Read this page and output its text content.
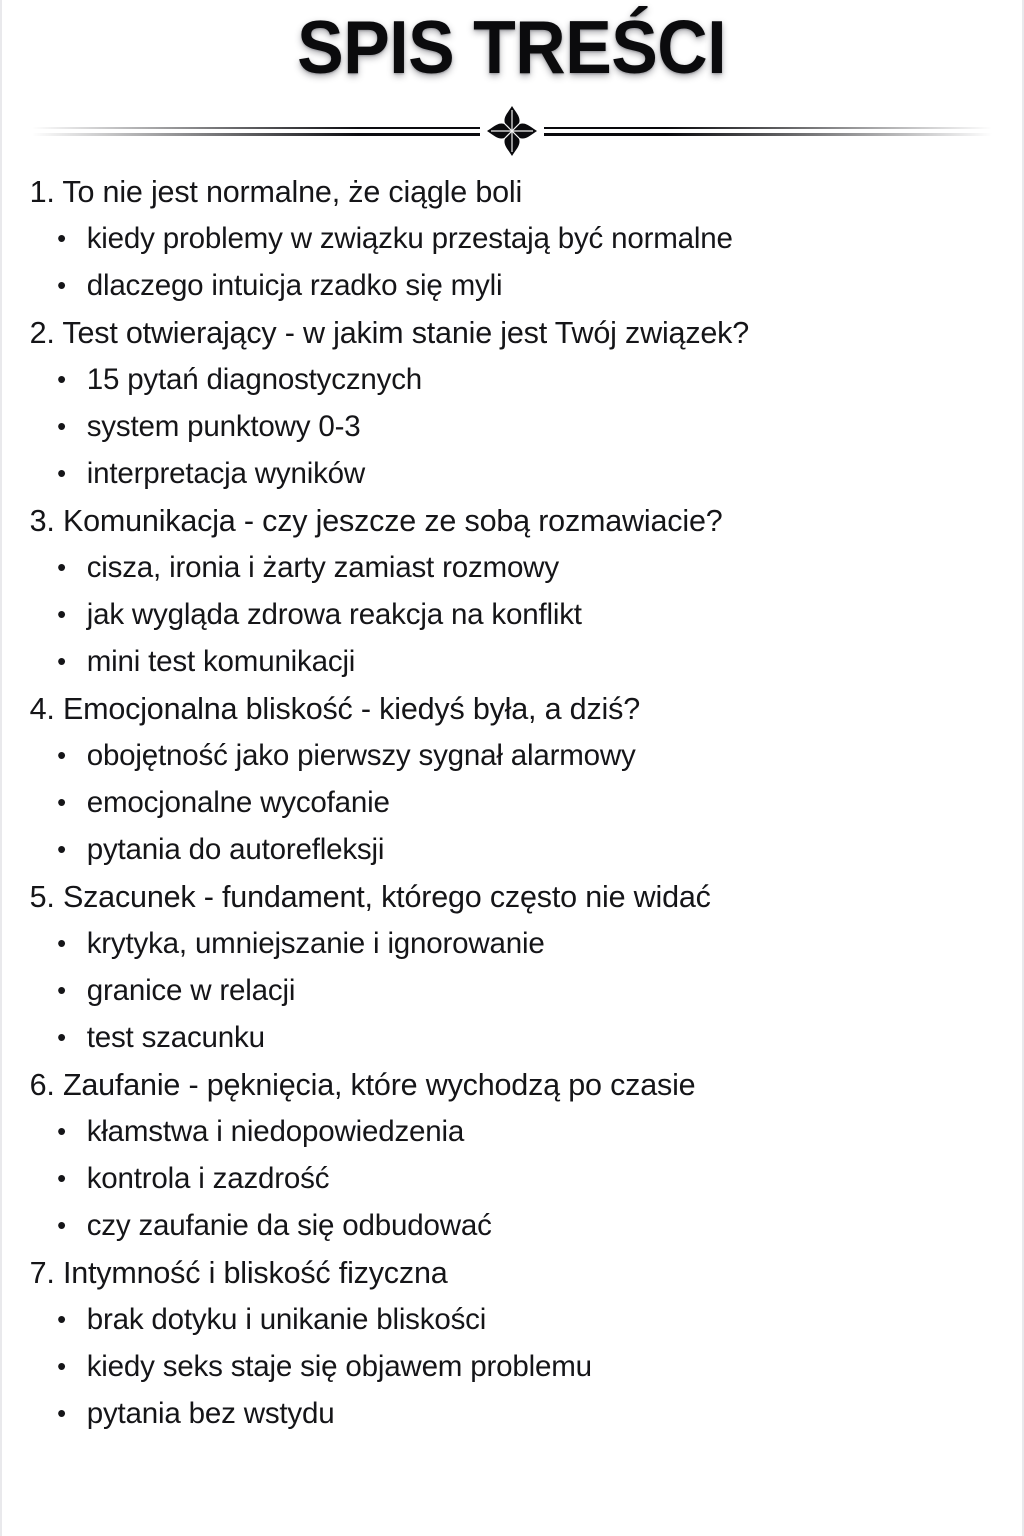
SPIS TREŚCI
1. To nie jest normalne, że ciągle boli
• kiedy problemy w związku przestają być normalne
• dlaczego intuicja rzadko się myli
2. Test otwierający - w jakim stanie jest Twój związek?
• 15 pytań diagnostycznych
• system punktowy 0-3
• interpretacja wyników
3. Komunikacja - czy jeszcze ze sobą rozmawiacie?
• cisza, ironia i żarty zamiast rozmowy
• jak wygląda zdrowa reakcja na konflikt
• mini test komunikacji
4. Emocjonalna bliskość - kiedyś była, a dziś?
• obojętność jako pierwszy sygnał alarmowy
• emocjonalne wycofanie
• pytania do autorefleksji
5. Szacunek - fundament, którego często nie widać
• krytyka, umniejszanie i ignorowanie
• granice w relacji
• test szacunku
6. Zaufanie - pęknięcia, które wychodzą po czasie
• kłamstwa i niedopowiedzenia
• kontrola i zazdrość
• czy zaufanie da się odbudować
7. Intymność i bliskość fizyczna
• brak dotyku i unikanie bliskości
• kiedy seks staje się objawem problemu
• pytania bez wstydu
